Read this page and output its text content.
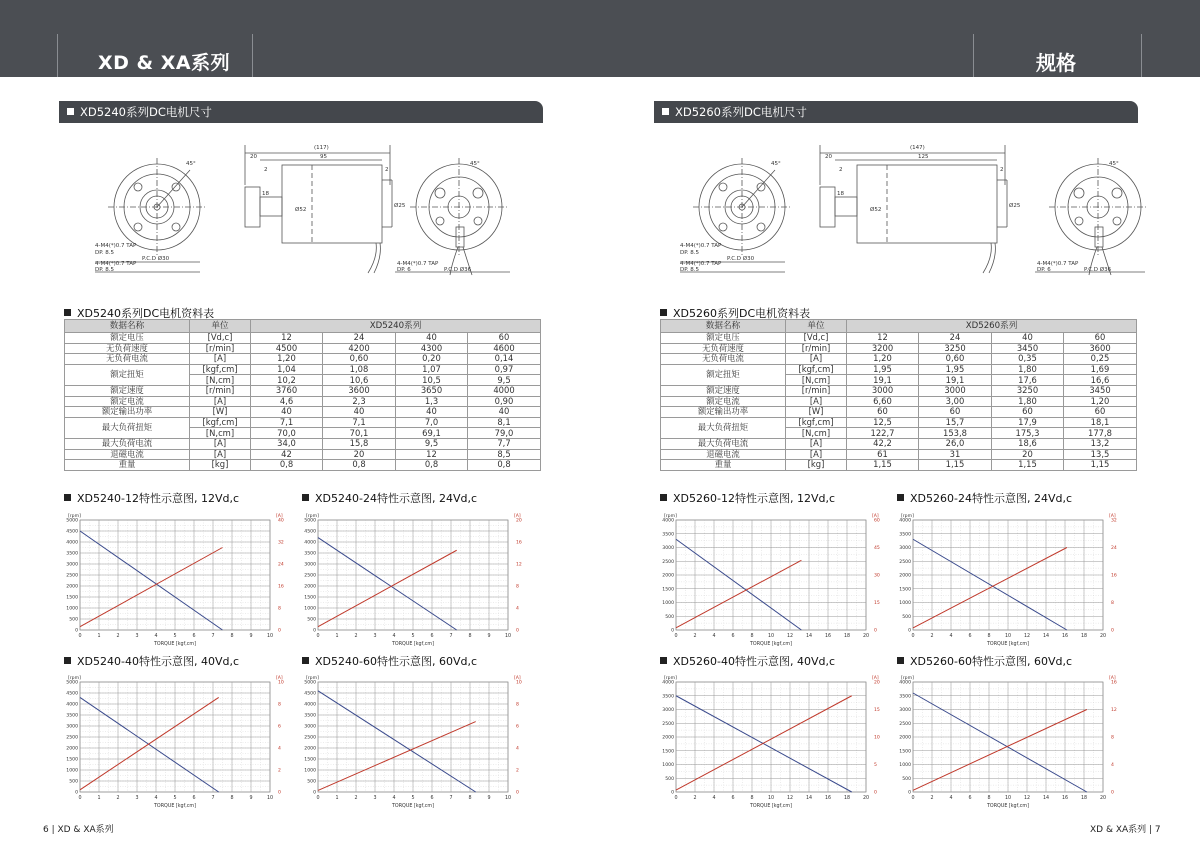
XD & XA系列	规格
XD5240系列DC电机尺寸
(117)
95
20
2	2
18
Ø52
Ø25
45°	45°
4-M4(*)0.7 TAP
DP. 8.5
P.C.D Ø30
4-M4(*)0.7 TAP
DP. 8.5
4-M4(*)0.7 TAP
DP. 6	P.C.D Ø36
XD5240系列DC电机资料表
数据名称	单位	XD5240系列			
额定电压	[Vd,c]	12	24	40	60
无负荷速度	[r/min]	4500	4200	4300	4600
无负荷电流	[A]	1,20	0,60	0,20	0,14
额定扭矩	[kgf,cm]	1,04	1,08	1,07	0,97
	[N,cm]	10,2	10,6	10,5	9,5
额定速度	[r/min]	3760	3600	3650	4000
额定电流	[A]	4,6	2,3	1,3	0,90
额定输出功率	[W]	40	40	40	40
最大负荷扭矩	[kgf,cm]	7,1	7,1	7,0	8,1
	[N,cm]	70,0	70,1	69,1	79,0
最大负荷电流	[A]	34,0	15,8	9,5	7,7
退磁电流	[A]	42	20	12	8,5
重量	[kg]	0,8	0,8	0,8	0,8
XD5240-12特性示意图, 12Vd,c	XD5240-24特性示意图, 24Vd,c
XD5240-40特性示意图, 40Vd,c	XD5240-60特性示意图, 60Vd,c
0	1	2	3	4	5	6	7	8	9	10
0
500
1000
1500
2000
2500
3000
3500
4000
4500
5000
0
8
16
24
32
40
[rpm]	[A]
TORQUE [kgf,cm]
0	1	2	3	4	5	6	7	8	9	10
0
500
1000
1500
2000
2500
3000
3500
4000
4500
5000
0
4
8
12
16
20
[rpm]	[A]
TORQUE [kgf,cm]
0	1	2	3	4	5	6	7	8	9	10
0
500
1000
1500
2000
2500
3000
3500
4000
4500
5000
0
2
4
6
8
10
[rpm]	[A]
TORQUE [kgf,cm]
0	1	2	3	4	5	6	7	8	9	10
0
500
1000
1500
2000
2500
3000
3500
4000
4500
5000
0
2
4
6
8
10
[rpm]	[A]
TORQUE [kgf,cm]
XD5260系列DC电机尺寸
(147)
125
20
2	2
18
Ø52
Ø25
45°	45°
4-M4(*)0.7 TAP
DP. 8.5
P.C.D Ø30
4-M4(*)0.7 TAP
DP. 8.5
4-M4(*)0.7 TAP
DP. 6	P.C.D Ø36
XD5260系列DC电机资料表
数据名称	单位	XD5260系列			
额定电压	[Vd,c]	12	24	40	60
无负荷速度	[r/min]	3200	3250	3450	3600
无负荷电流	[A]	1,20	0,60	0,35	0,25
额定扭矩	[kgf,cm]	1,95	1,95	1,80	1,69
	[N,cm]	19,1	19,1	17,6	16,6
额定速度	[r/min]	3000	3000	3250	3450
额定电流	[A]	6,60	3,00	1,80	1,20
额定输出功率	[W]	60	60	60	60
最大负荷扭矩	[kgf,cm]	12,5	15,7	17,9	18,1
	[N,cm]	122,7	153,8	175,3	177,8
最大负荷电流	[A]	42,2	26,0	18,6	13,2
退磁电流	[A]	61	31	20	13,5
重量	[kg]	1,15	1,15	1,15	1,15
XD5260-12特性示意图, 12Vd,c	XD5260-24特性示意图, 24Vd,c
XD5260-40特性示意图, 40Vd,c	XD5260-60特性示意图, 60Vd,c
0	2	4	6	8	10	12	14	16	18	20
0
500
1000
1500
2000
2500
3000
3500
4000
0
15
30
45
60
[rpm]	[A]
TORQUE [kgf,cm]
0	2	4	6	8	10	12	14	16	18	20
0
500
1000
1500
2000
2500
3000
3500
4000
0
8
16
24
32
[rpm]	[A]
TORQUE [kgf,cm]
0	2	4	6	8	10	12	14	16	18	20
0
500
1000
1500
2000
2500
3000
3500
4000
0
5
10
15
20
[rpm]	[A]
TORQUE [kgf,cm]
0	2	4	6	8	10	12	14	16	18	20
0
500
1000
1500
2000
2500
3000
3500
4000
0
4
8
12
16
[rpm]	[A]
TORQUE [kgf,cm]
6 | XD & XA系列	XD & XA系列 | 7
